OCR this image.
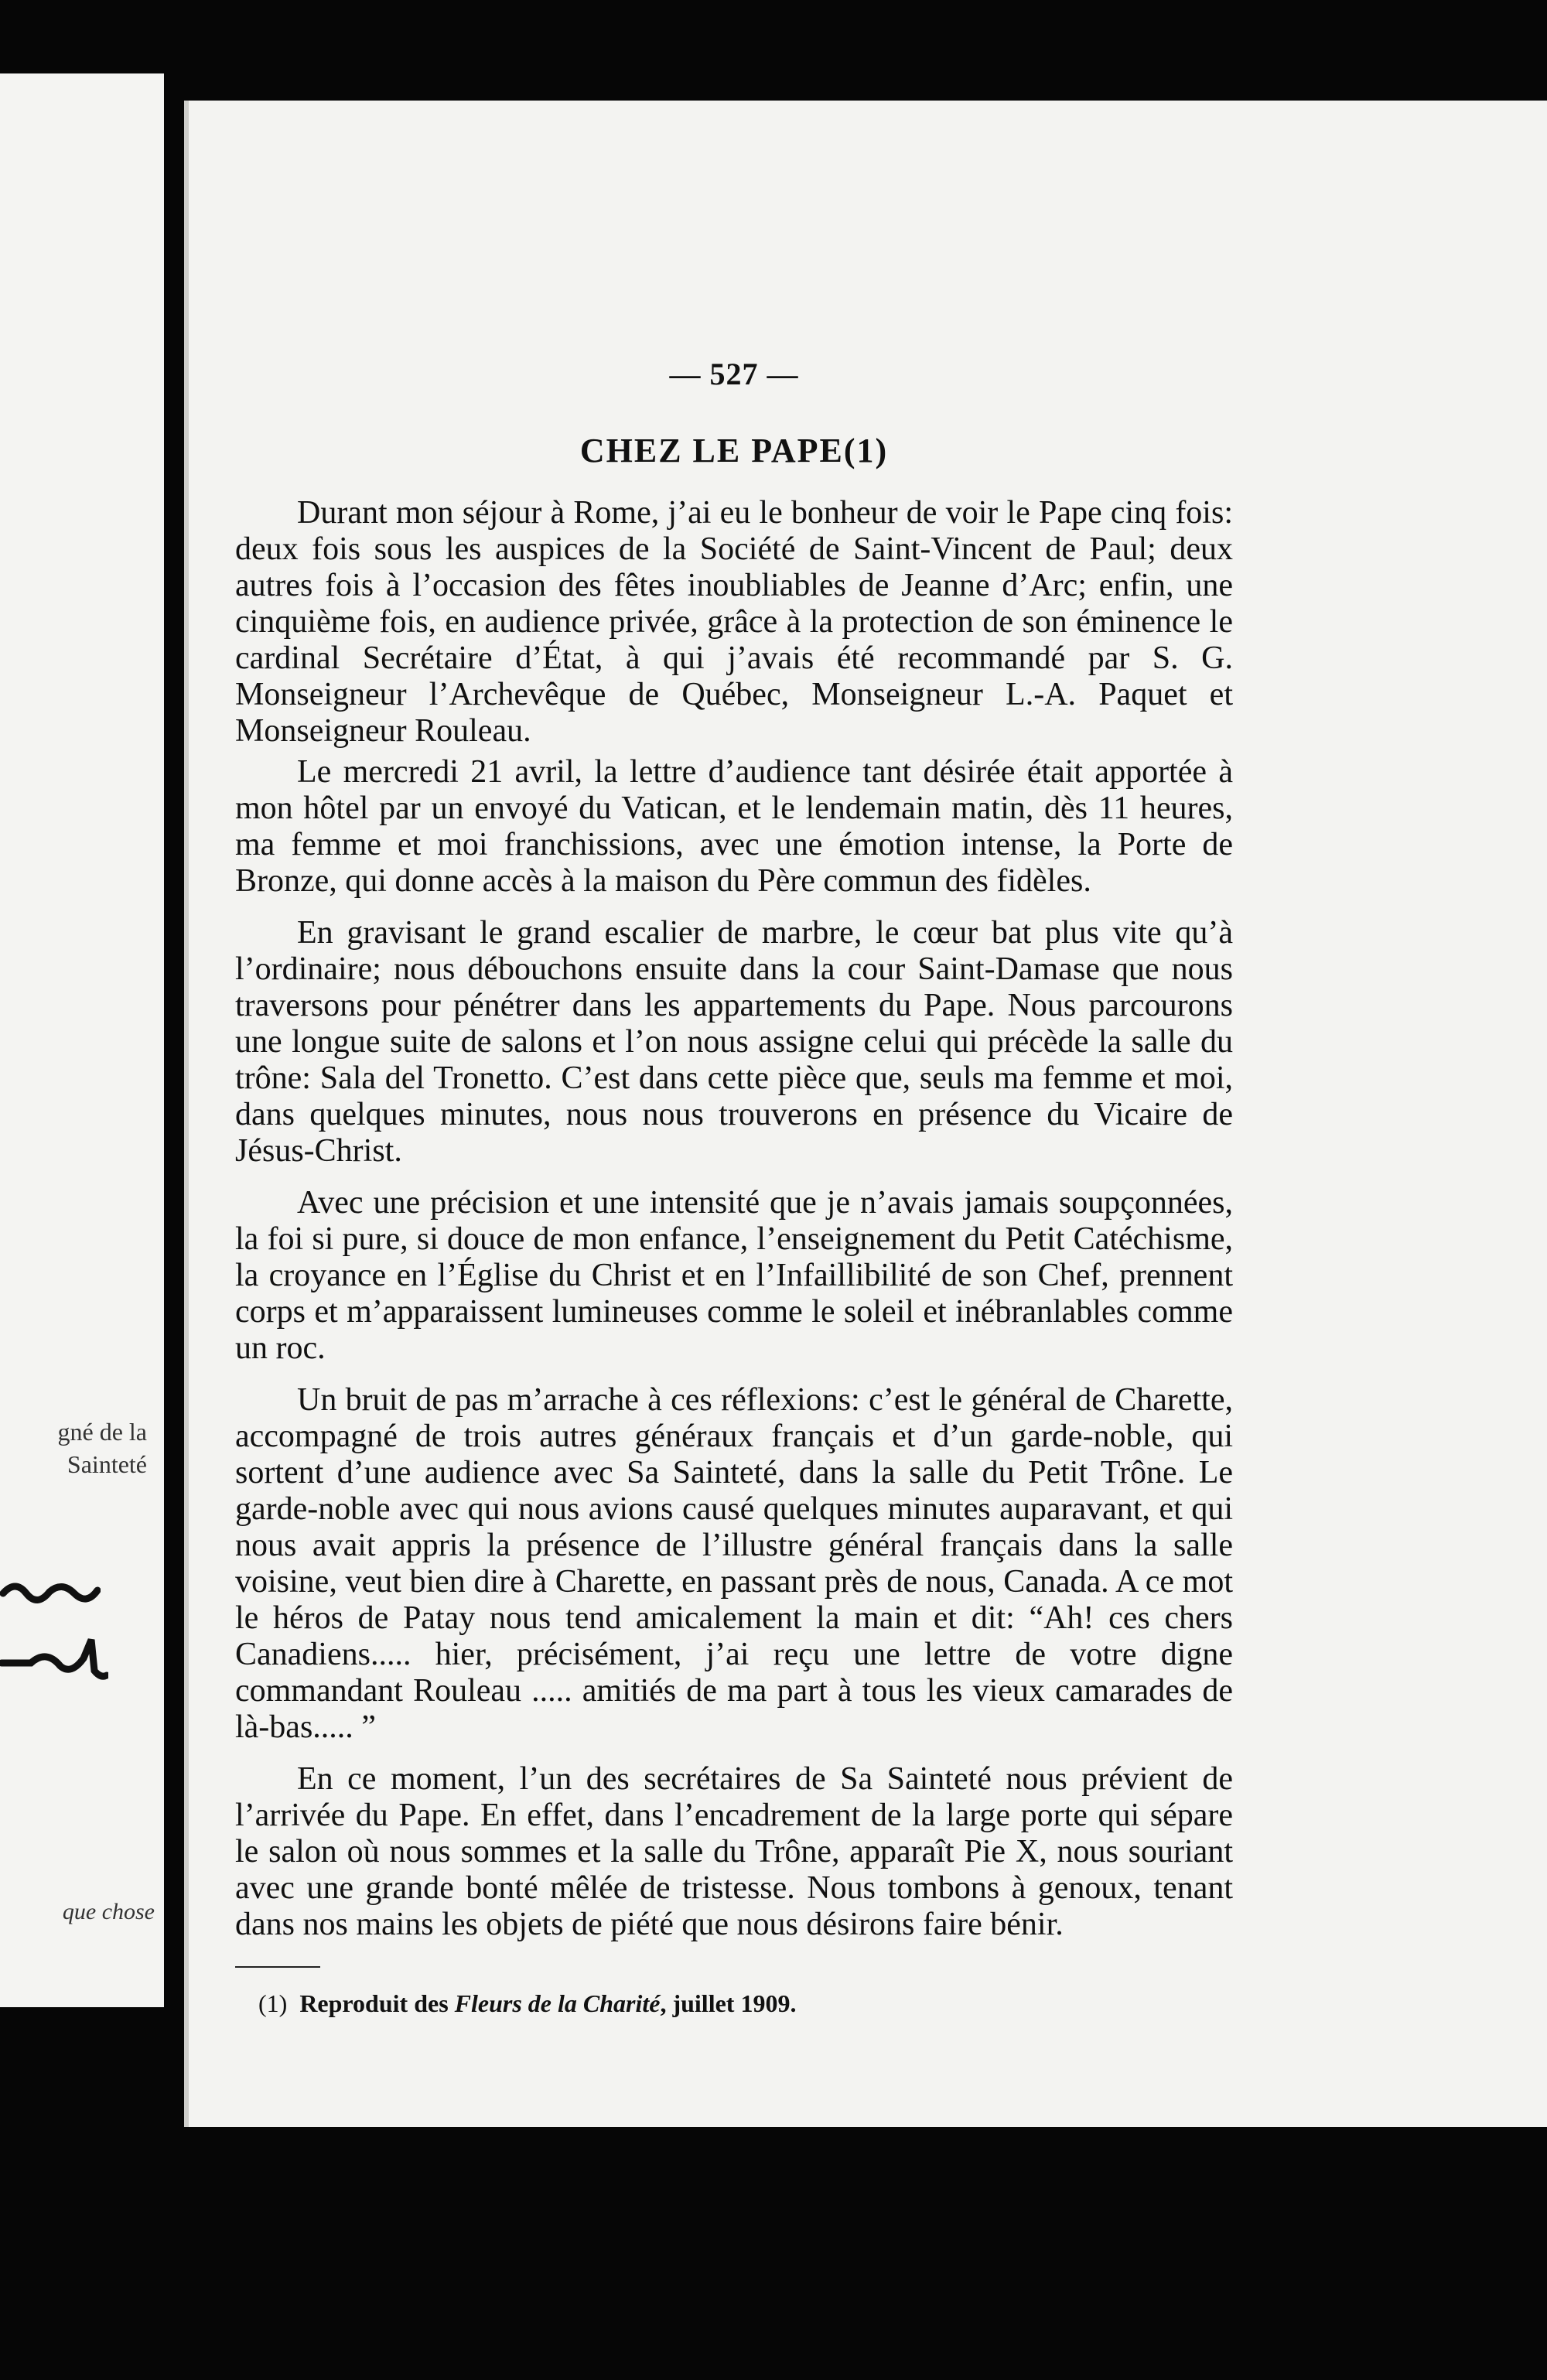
gné de la
Sainteté
que chose
— 527 —
CHEZ LE PAPE(1)

Durant mon séjour à Rome, j’ai eu le bonheur de voir le Pape cinq fois: deux fois sous les auspices de la Société de Saint-Vincent de Paul; deux autres fois à l’occasion des fêtes inoubliables de Jeanne d’Arc; enfin, une cinquième fois, en audience privée, grâce à la protection de son éminence le cardinal Secrétaire d’État, à qui j’avais été recommandé par S. G. Monseigneur l’Archevêque de Québec, Monseigneur L.-A. Paquet et Monseigneur Rouleau.

Le mercredi 21 avril, la lettre d’audience tant désirée était apportée à mon hôtel par un envoyé du Vatican, et le lendemain matin, dès 11 heures, ma femme et moi franchissions, avec une émotion intense, la Porte de Bronze, qui donne accès à la maison du Père commun des fidèles.

En gravisant le grand escalier de marbre, le cœur bat plus vite qu’à l’ordinaire; nous débouchons ensuite dans la cour Saint-Damase que nous traversons pour pénétrer dans les appartements du Pape. Nous parcourons une longue suite de salons et l’on nous assigne celui qui précède la salle du trône: Sala del Tronetto. C’est dans cette pièce que, seuls ma femme et moi, dans quelques minutes, nous nous trouverons en présence du Vicaire de Jésus-Christ.

Avec une précision et une intensité que je n’avais jamais soupçonnées, la foi si pure, si douce de mon enfance, l’enseignement du Petit Catéchisme, la croyance en l’Église du Christ et en l’Infaillibilité de son Chef, prennent corps et m’apparaissent lumineuses comme le soleil et inébranlables comme un roc.

Un bruit de pas m’arrache à ces réflexions: c’est le général de Charette, accompagné de trois autres généraux français et d’un garde-noble, qui sortent d’une audience avec Sa Sainteté, dans la salle du Petit Trône. Le garde-noble avec qui nous avions causé quelques minutes auparavant, et qui nous avait appris la présence de l’illustre général français dans la salle voisine, veut bien dire à Charette, en passant près de nous, Canada. A ce mot le héros de Patay nous tend amicalement la main et dit: “Ah! ces chers Canadiens..... hier, précisément, j’ai reçu une lettre de votre digne commandant Rouleau ..... amitiés de ma part à tous les vieux camarades de là-bas..... ”

En ce moment, l’un des secrétaires de Sa Sainteté nous prévient de l’arrivée du Pape. En effet, dans l’encadrement de la large porte qui sépare le salon où nous sommes et la salle du Trône, apparaît Pie X, nous souriant avec une grande bonté mêlée de tristesse. Nous tombons à genoux, tenant dans nos mains les objets de piété que nous désirons faire bénir.

(1) Reproduit des Fleurs de la Charité, juillet 1909.
